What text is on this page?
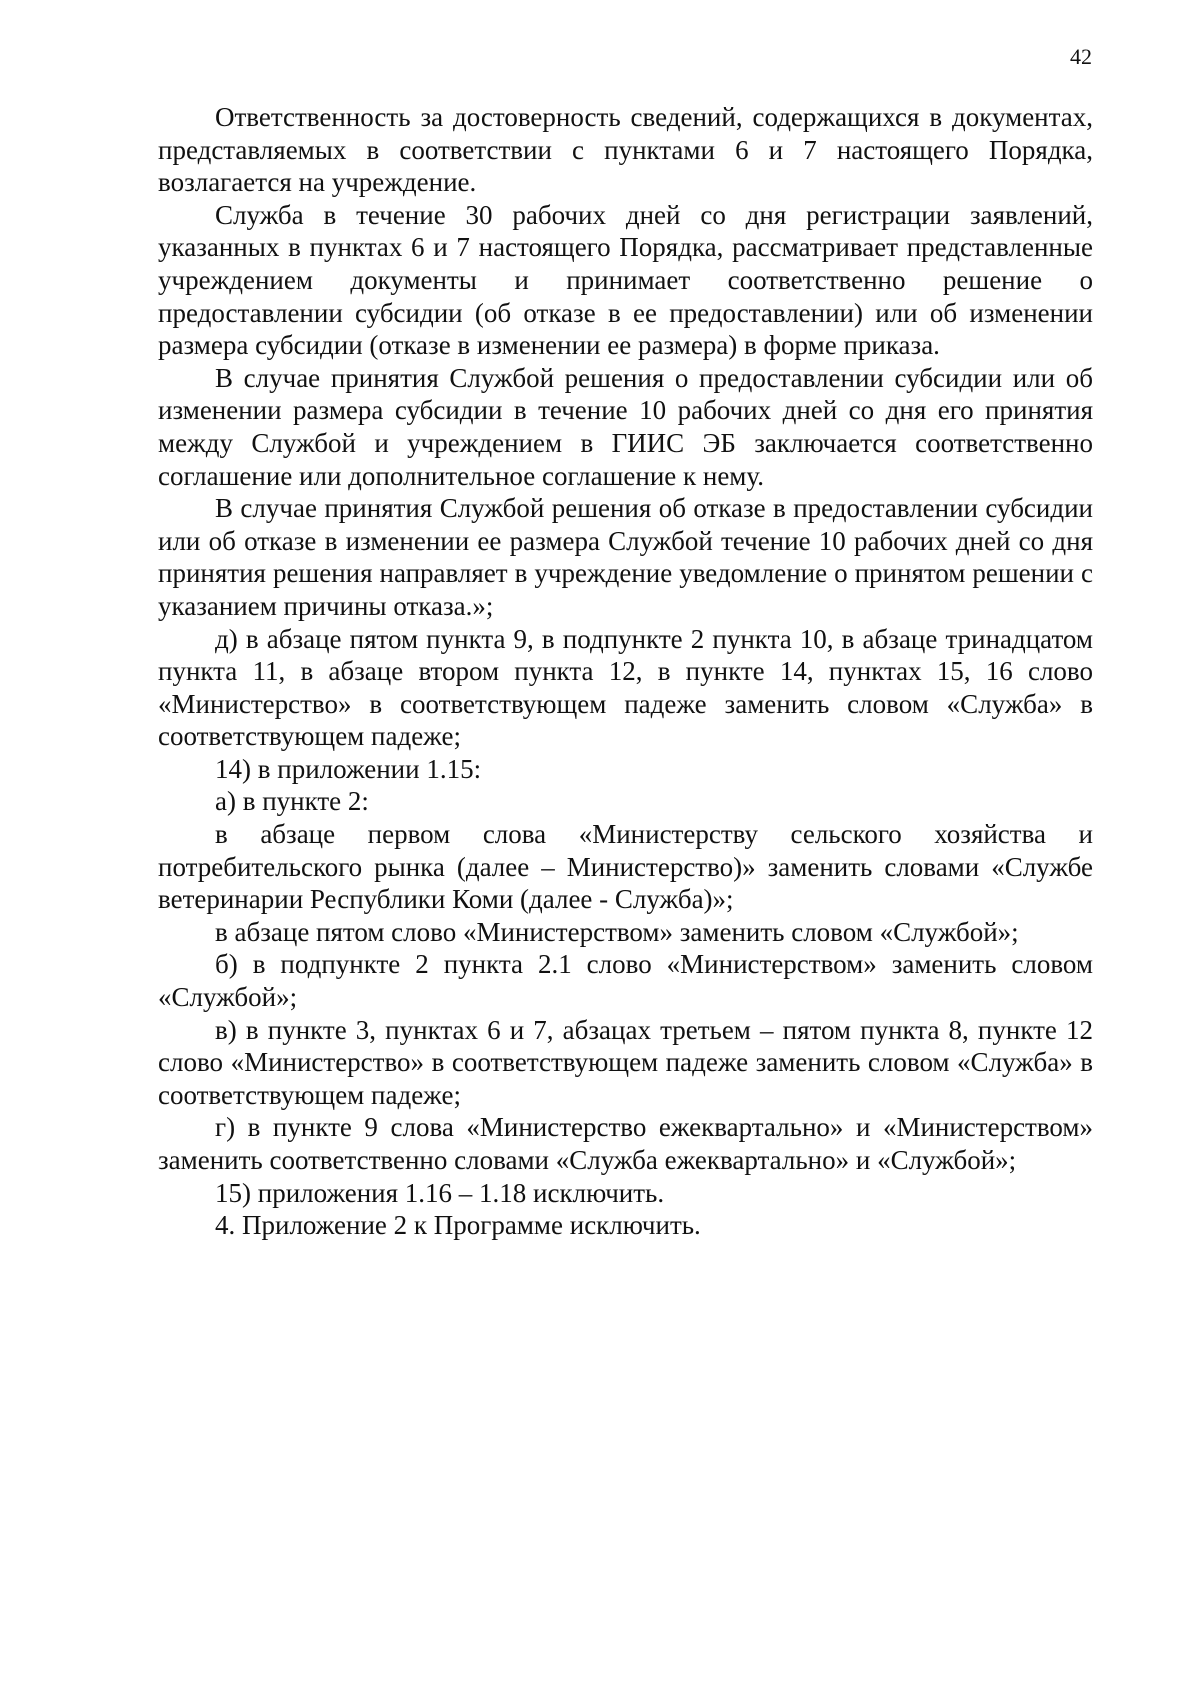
42

Ответственность за достоверность сведений, содержащихся в документах, представляемых в соответствии с пунктами 6 и 7 настоящего Порядка, возлагается на учреждение.

Служба в течение 30 рабочих дней со дня регистрации заявлений, указанных в пунктах 6 и 7 настоящего Порядка, рассматривает представленные учреждением документы и принимает соответственно решение о предоставлении субсидии (об отказе в ее предоставлении) или об изменении размера субсидии (отказе в изменении ее размера) в форме приказа.

В случае принятия Службой решения о предоставлении субсидии или об изменении размера субсидии в течение 10 рабочих дней со дня его принятия между Службой и учреждением в ГИИС ЭБ заключается соответственно соглашение или дополнительное соглашение к нему.

В случае принятия Службой решения об отказе в предоставлении субсидии или об отказе в изменении ее размера Службой течение 10 рабочих дней со дня принятия решения направляет в учреждение уведомление о принятом решении с указанием причины отказа.»;

д) в абзаце пятом пункта 9, в подпункте 2 пункта 10, в абзаце тринадцатом пункта 11, в абзаце втором пункта 12, в пункте 14, пунктах 15, 16 слово «Министерство» в соответствующем падеже заменить словом «Служба» в соответствующем падеже;

14) в приложении 1.15:

а) в пункте 2:

в абзаце первом слова «Министерству сельского хозяйства и потребительского рынка (далее – Министерство)» заменить словами «Службе ветеринарии Республики Коми (далее - Служба)»;

в абзаце пятом слово «Министерством» заменить словом «Службой»;

б) в подпункте 2 пункта 2.1 слово «Министерством» заменить словом «Службой»;

в) в пункте 3, пунктах 6 и 7, абзацах третьем – пятом пункта 8, пункте 12 слово «Министерство» в соответствующем падеже заменить словом «Служба» в соответствующем падеже;

г) в пункте 9 слова «Министерство ежеквартально» и «Министерством» заменить соответственно словами «Служба ежеквартально» и «Службой»;

15) приложения 1.16 – 1.18 исключить.

4. Приложение 2 к Программе исключить.
